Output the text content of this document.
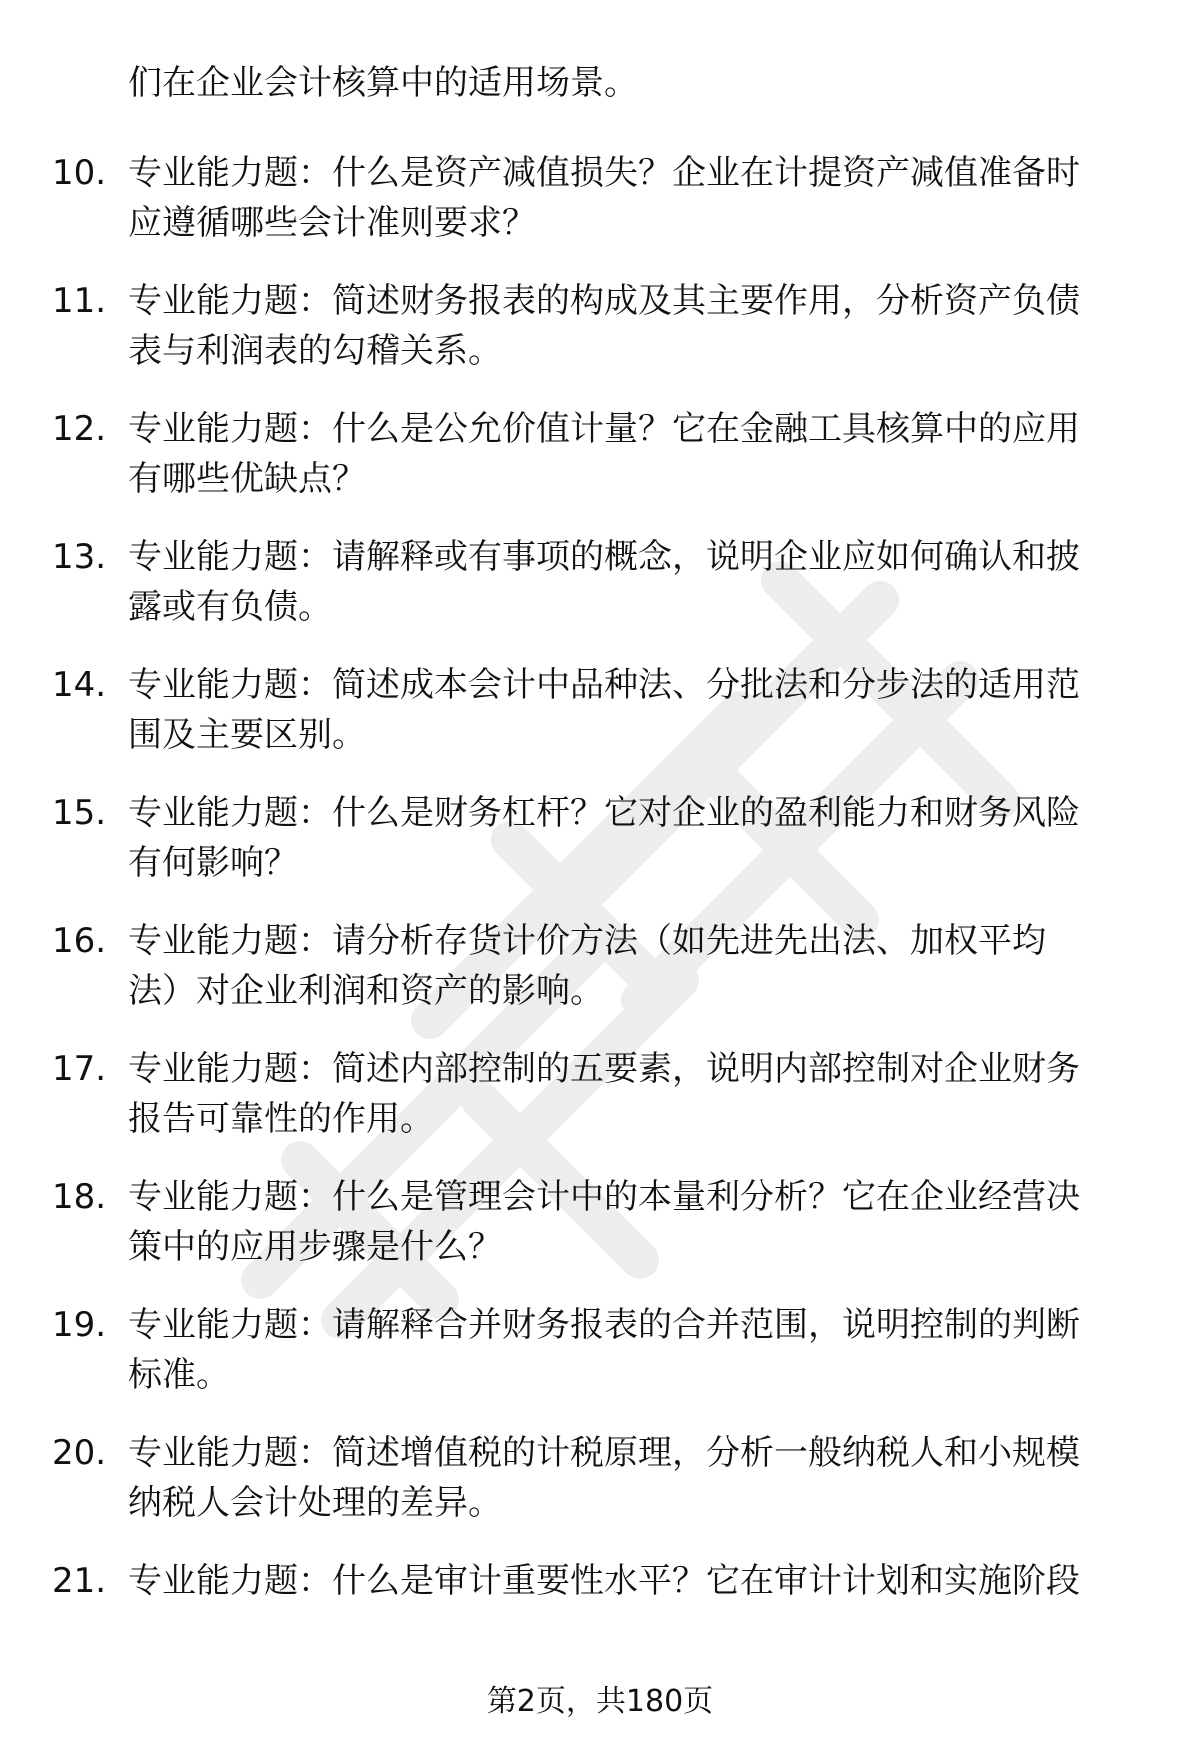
们在企业会计核算中的适用场景。
10. 专业能力题：什么是资产减值损失？企业在计提资产减值准备时
应遵循哪些会计准则要求？
11. 专业能力题：简述财务报表的构成及其主要作用，分析资产负债
表与利润表的勾稽关系。
12. 专业能力题：什么是公允价值计量？它在金融工具核算中的应用
有哪些优缺点？
13. 专业能力题：请解释或有事项的概念，说明企业应如何确认和披
露或有负债。
14. 专业能力题：简述成本会计中品种法、分批法和分步法的适用范
围及主要区别。
15. 专业能力题：什么是财务杠杆？它对企业的盈利能力和财务风险
有何影响？
16. 专业能力题：请分析存货计价方法（如先进先出法、加权平均
法）对企业利润和资产的影响。
17. 专业能力题：简述内部控制的五要素，说明内部控制对企业财务
报告可靠性的作用。
18. 专业能力题：什么是管理会计中的本量利分析？它在企业经营决
策中的应用步骤是什么？
19. 专业能力题：请解释合并财务报表的合并范围，说明控制的判断
标准。
20. 专业能力题：简述增值税的计税原理，分析一般纳税人和小规模
纳税人会计处理的差异。
21. 专业能力题：什么是审计重要性水平？它在审计计划和实施阶段
第2页，共180页
